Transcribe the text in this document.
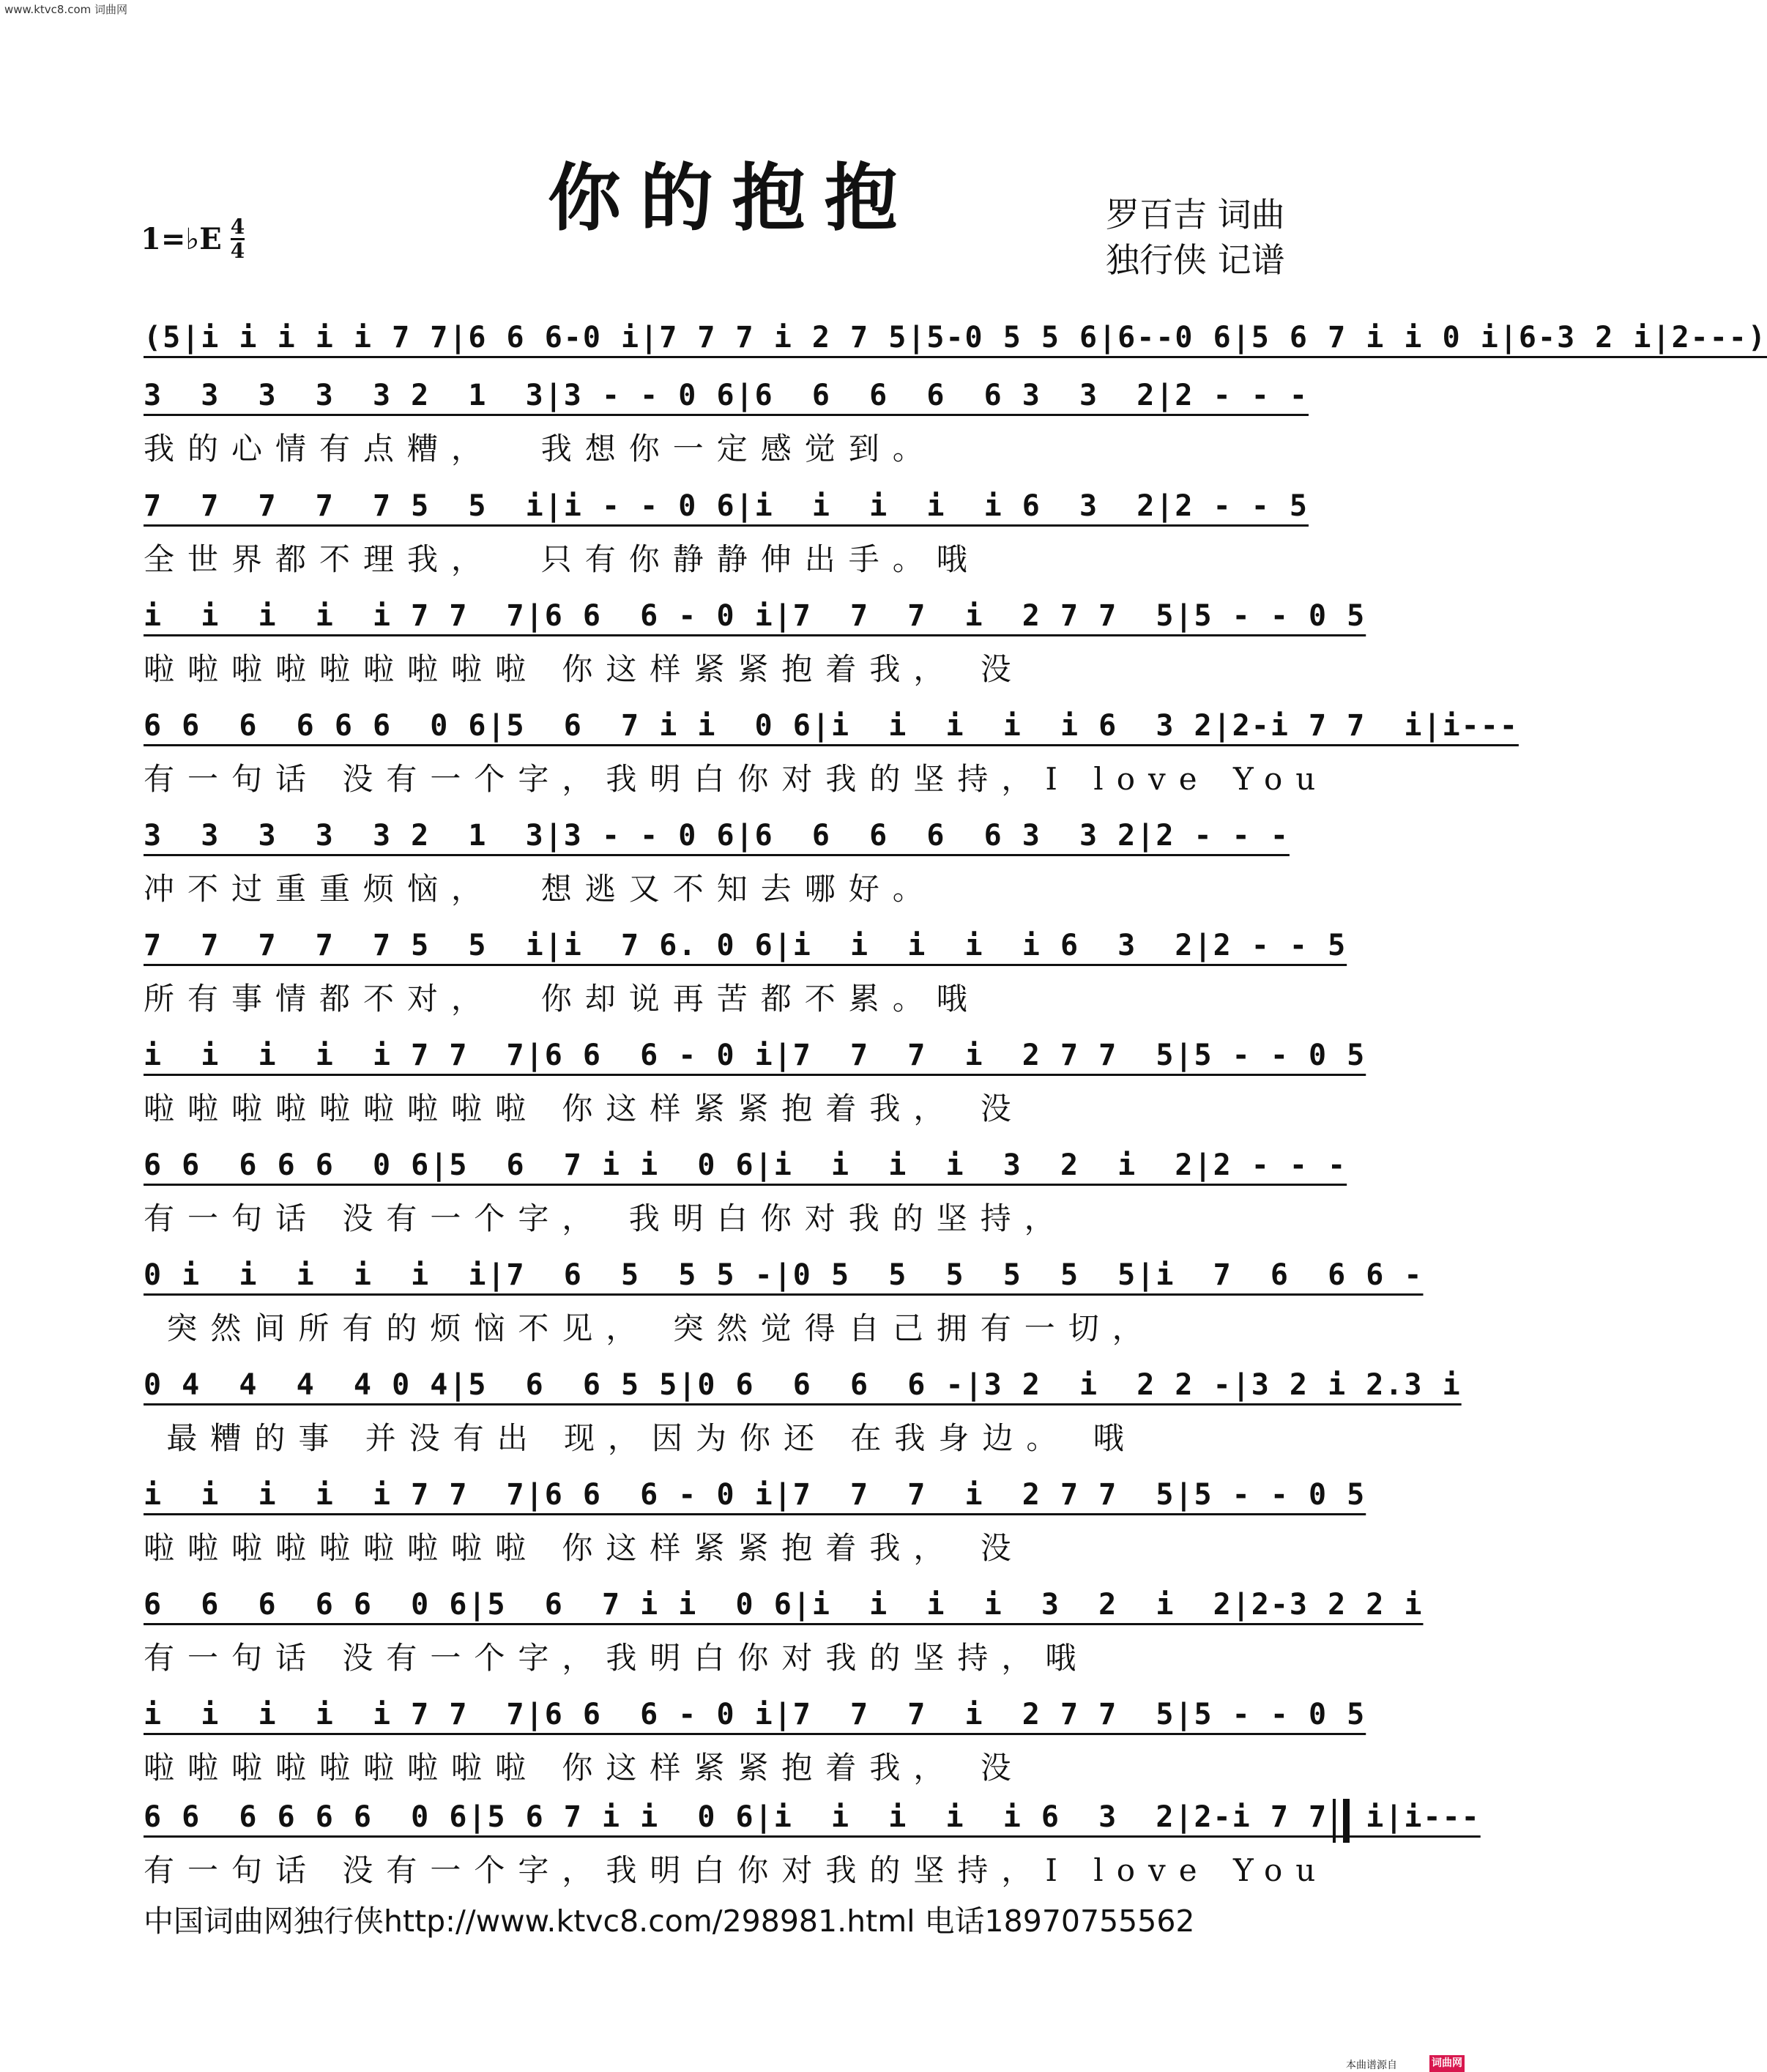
www.ktvc8.com 词曲网
你的抱抱
1=♭E $\frac{4}{4}$
罗百吉 词曲
独行侠 记谱
(5|i i i i i 7 7|6 6 6-0 i|7 7 7 i 2 7 5|5-0 5 5 6|6--0 6|5 6 7 i i 0 i|6-3 2 i|2---)
3  3  3  3  3 2  1  3|3 - - 0 6|6  6  6  6  6 3  3  2|2 - - -
我的心情有点糟，  我想你一定感觉到。
7  7  7  7  7 5  5  i|i - - 0 6|i  i  i  i  i 6  3  2|2 - - 5
全世界都不理我，  只有你静静伸出手。哦
i  i  i  i  i 7 7  7|6 6  6 - 0 i|7  7  7  i  2 7 7  5|5 - - 0 5
啦啦啦啦啦啦啦啦啦 你这样紧紧抱着我， 没
6 6  6  6 6 6  0 6|5  6  7 i i  0 6|i  i  i  i  i 6  3 2|2-i 7 7  i|i---
有一句话 没有一个字，我明白你对我的坚持，I love You
3  3  3  3  3 2  1  3|3 - - 0 6|6  6  6  6  6 3  3 2|2 - - -
冲不过重重烦恼，  想逃又不知去哪好。
7  7  7  7  7 5  5  i|i  7 6. 0 6|i  i  i  i  i 6  3  2|2 - - 5
所有事情都不对，  你却说再苦都不累。哦
i  i  i  i  i 7 7  7|6 6  6 - 0 i|7  7  7  i  2 7 7  5|5 - - 0 5
啦啦啦啦啦啦啦啦啦 你这样紧紧抱着我， 没
6 6  6 6 6  0 6|5  6  7 i i  0 6|i  i  i  i  3  2  i  2|2 - - -
有一句话 没有一个字， 我明白你对我的坚持，
0 i  i  i  i  i  i|7  6  5  5 5 -|0 5  5  5  5  5  5|i  7  6  6 6 -
突然间所有的烦恼不见， 突然觉得自己拥有一切，
0 4  4  4  4 0 4|5  6  6 5 5|0 6  6  6  6 -|3 2  i  2 2 -|3 2 i 2.3 i
最糟的事 并没有出 现，因为你还 在我身边。 哦
i  i  i  i  i 7 7  7|6 6  6 - 0 i|7  7  7  i  2 7 7  5|5 - - 0 5
啦啦啦啦啦啦啦啦啦 你这样紧紧抱着我， 没
6  6  6  6 6  0 6|5  6  7 i i  0 6|i  i  i  i  3  2  i  2|2-3 2 2 i
有一句话 没有一个字，我明白你对我的坚持，哦
i  i  i  i  i 7 7  7|6 6  6 - 0 i|7  7  7  i  2 7 7  5|5 - - 0 5
啦啦啦啦啦啦啦啦啦 你这样紧紧抱着我， 没
6 6  6 6 6 6  0 6|5 6 7 i i  0 6|i  i  i  i  i 6  3  2|2-i 7 7  i|i---
有一句话 没有一个字，我明白你对我的坚持，I love You
中国词曲网独行侠http://www.ktvc8.com/298981.html 电话18970755562
本曲谱源自	词曲网
